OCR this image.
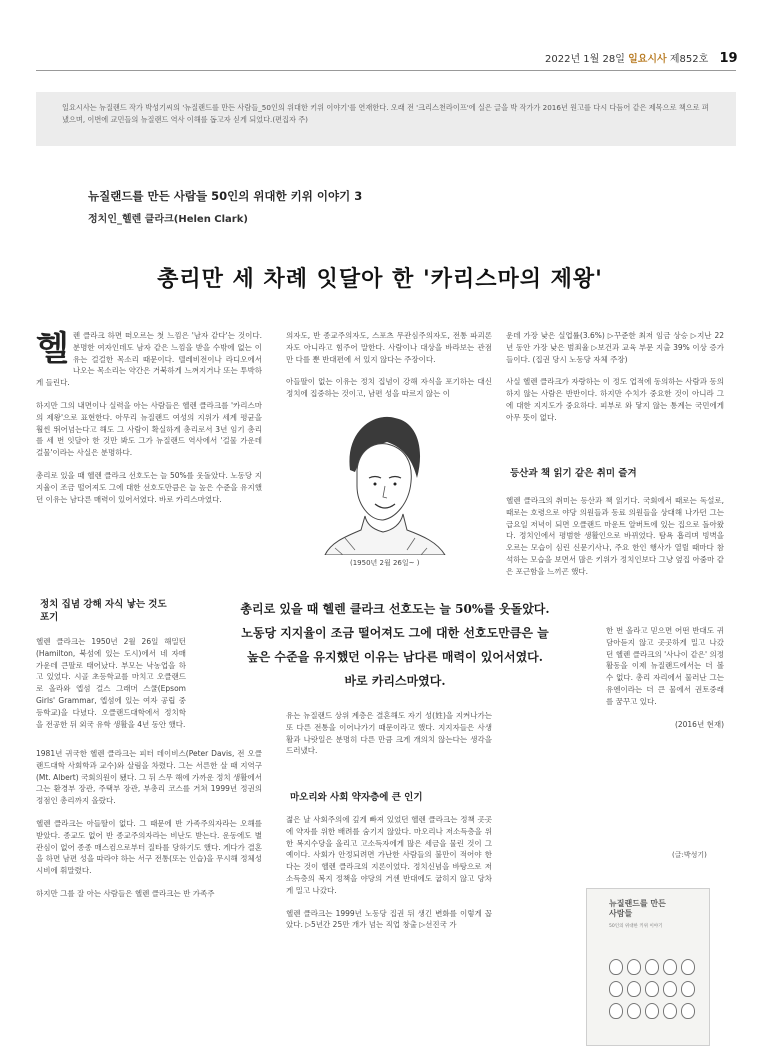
2022년 1월 28일 일요시사 제852호 19
일요시사는 뉴질랜드 작가 박성기씨의 '뉴질랜드를 만든 사람들_50인의 위대한 키위 이야기'를 연재한다. 오래 전 '크리스천라이프'에 실은 글을 박 작가가 2016년 원고를 다시 다듬어 같은 제목으로 책으로 펴냈으며, 이번에 교민들의 뉴질랜드 역사 이해를 돕고자 싣게 되었다.(편집자 주)
뉴질랜드를 만든 사람들 50인의 위대한 키위 이야기 3
정치인_헬렌 클라크(Helen Clark)
총리만 세 차례 잇달아 한 '카리스마의 제왕'

헬렌 클라크 하면 떠오르는 첫 느낌은 '남자 같다'는 것이다. 분명한 여자인데도 남자 같은 느낌을 받을 수밖에 없는 이유는 걸걸한 목소리 때문이다. 텔레비전이나 라디오에서 나오는 목소리는 약간은 거북하게 느껴지거나 또는 투박하게 들린다.

하지만 그의 내면이나 실력을 아는 사람들은 헬렌 클라크를 '카리스마의 제왕'으로 표현한다. 아무리 뉴질랜드 여성의 지위가 세계 평균을 훨씬 뛰어넘는다고 해도 그 사람이 확실하게 총리로서 3년 임기 총리를 세 번 잇달아 한 것만 봐도 그가 뉴질랜드 역사에서 '걸물 가운데 걸물'이라는 사실은 분명하다.

총리로 있을 때 헬렌 클라크 선호도는 늘 50%를 웃돌았다. 노동당 지지율이 조금 떨어져도 그에 대한 선호도만큼은 늘 높은 수준을 유지했던 이유는 남다른 매력이 있어서였다. 바로 카리스마였다.

정치 집념 강해 자식 낳는 것도 포기

헬렌 클라크는 1950년 2월 26일 해밀턴(Hamilton, 북섬에 있는 도시)에서 네 자매 가운데 큰딸로 태어났다. 부모는 낙농업을 하고 있었다. 시골 초등학교를 마치고 오클랜드로 올라와 엡섬 걸스 그래머 스쿨(Epsom Girls' Grammar, 엡섬에 있는 여자 공립 중등학교)을 다녔다. 오클랜드대학에서 정치학을 전공한 뒤 외국 유학 생활을 4년 동안 했다.

1981년 귀국한 헬렌 클라크는 피터 데이비스(Peter Davis, 전 오클랜드대학 사회학과 교수)와 살림을 차렸다. 그는 서른한 살 때 지역구(Mt. Albert) 국회의원이 됐다. 그 뒤 스무 해에 가까운 정치 생활에서 그는 환경부 장관, 주택부 장관, 부총리 코스를 거쳐 1999년 정권의 정점인 총리까지 올랐다.

헬렌 클라크는 아들딸이 없다. 그 때문에 반 가족주의자라는 오해를 받았다. 종교도 없어 반 종교주의자라는 비난도 받는다. 운동에도 별 관심이 없어 종종 매스컴으로부터 질타를 당하기도 했다. 게다가 결혼을 하면 남편 성을 따라야 하는 서구 전통(또는 인습)을 무시해 정체성 시비에 휘말렸다.

하지만 그를 잘 아는 사람들은 헬렌 클라크는 반 가족주

의자도, 반 종교주의자도, 스포츠 무관심주의자도, 전통 파괴론자도 아니라고 힘주어 말한다. 사람이나 대상을 바라보는 관점만 다를 뿐 반대편에 서 있지 않다는 주장이다.

아들딸이 없는 이유는 정치 집념이 강해 자식을 포기하는 대신 정치에 집중하는 것이고, 남편 성을 따르지 않는 이

(1950년 2월 26일~ )
총리로 있을 때 헬렌 클라크 선호도는 늘 50%를 웃돌았다.
노동당 지지율이 조금 떨어져도 그에 대한 선호도만큼은 늘
높은 수준을 유지했던 이유는 남다른 매력이 있어서였다.
바로 카리스마였다.

유는 뉴질랜드 상위 계층은 결혼해도 자기 성(姓)을 지켜나가는 또 다른 전통을 이어나가기 때문이라고 했다. 지지자들은 사생활과 나랏일은 분명히 다른 만큼 크게 개의치 않는다는 생각을 드러냈다.

마오리와 사회 약자층에 큰 인기

젊은 날 사회주의에 깊게 빠져 있었던 헬렌 클라크는 정책 곳곳에 약자를 위한 배려를 숨기지 않았다. 마오리나 저소득층을 위한 복지수당을 올리고 고소득자에게 많은 세금을 물린 것이 그 예이다. 사회가 안정되려면 가난한 사람들의 불만이 적어야 한다는 것이 헬렌 클라크의 지론이었다. 정치신념을 바탕으로 저소득층의 복지 정책을 야당의 거센 반대에도 굽히지 않고 당차게 밀고 나갔다.

헬렌 클라크는 1999년 노동당 집권 뒤 생긴 변화를 이렇게 꼽았다. ▷5년간 25만 개가 넘는 직업 창출 ▷선진국 가

운데 가장 낮은 실업률(3.6%) ▷꾸준한 최저 임금 상승 ▷지난 22년 동안 가장 낮은 범죄율 ▷보건과 교육 부문 지출 39% 이상 증가 들이다. (집권 당시 노동당 자체 주장)

사실 헬렌 클라크가 자랑하는 이 정도 업적에 동의하는 사람과 동의하지 않는 사람은 반반이다. 하지만 수치가 중요한 것이 아니라 그에 대한 지지도가 중요하다. 피부로 와 닿지 않는 통계는 국민에게 아무 뜻이 없다.

등산과 책 읽기 같은 취미 즐겨

헬렌 클라크의 취미는 등산과 책 읽기다. 국회에서 때로는 독설로, 때로는 호령으로 야당 의원들과 동료 의원들을 상대해 나가던 그는 급요일 저녁이 되면 오클랜드 마운트 알버트에 있는 집으로 돌아왔다. 정치인에서 평범한 생활인으로 바뀌었다. 탐욕 흡리며 빙벽을 오르는 모습이 심린 신문기사나, 주요 한인 행사가 열릴 때마다 참석하는 모습을 보면서 많은 키위가 정치인보다 그냥 옆집 아줌마 같은 포근함을 느끼곤 했다.

한 번 올라고 믿으면 어떤 반대도 귀담아듣지 않고 곳곳하게 밀고 나갔던 헬렌 클라크의 '사나이 같은' 의정 활동을 이제 뉴질랜드에서는 더 볼 수 없다. 총리 자리에서 물러난 그는 유엔이라는 더 큰 물에서 권토중래를 꿈꾸고 있다.

(2016년 현재)

(글:박성기)
뉴질랜드를 만든
사람들
50인의 위대한 키위 이야기
